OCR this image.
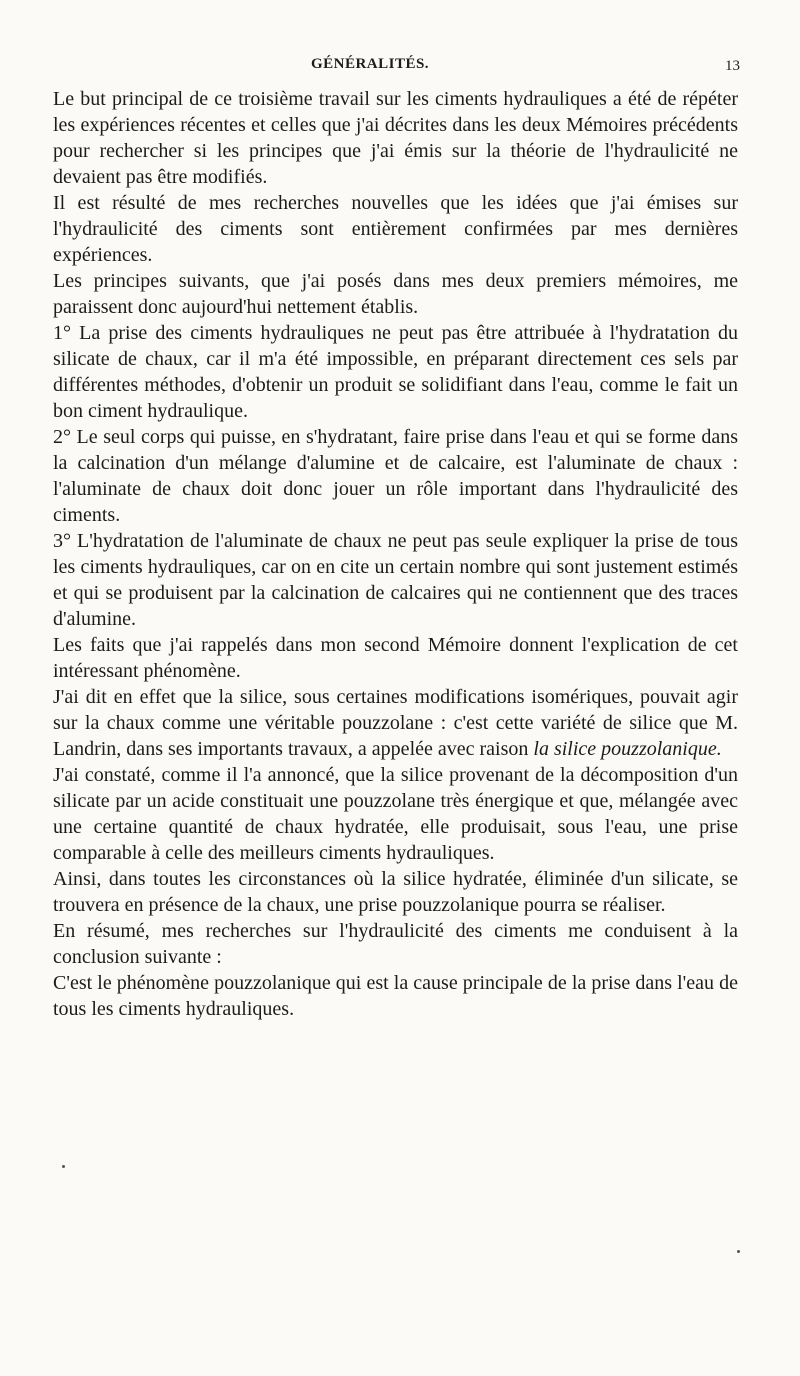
GÉNÉRALITÉS.	13

Le but principal de ce troisième travail sur les ciments hydrauliques a été de répéter les expériences récentes et celles que j'ai décrites dans les deux Mémoires précédents pour rechercher si les principes que j'ai émis sur la théorie de l'hydraulicité ne devaient pas être modifiés.

Il est résulté de mes recherches nouvelles que les idées que j'ai émises sur l'hydraulicité des ciments sont entièrement confirmées par mes dernières expériences.

Les principes suivants, que j'ai posés dans mes deux premiers mémoires, me paraissent donc aujourd'hui nettement établis.

1° La prise des ciments hydrauliques ne peut pas être attribuée à l'hydratation du silicate de chaux, car il m'a été impossible, en préparant directement ces sels par différentes méthodes, d'obtenir un produit se solidifiant dans l'eau, comme le fait un bon ciment hydraulique.

2° Le seul corps qui puisse, en s'hydratant, faire prise dans l'eau et qui se forme dans la calcination d'un mélange d'alumine et de calcaire, est l'aluminate de chaux : l'aluminate de chaux doit donc jouer un rôle important dans l'hydraulicité des ciments.

3° L'hydratation de l'aluminate de chaux ne peut pas seule expliquer la prise de tous les ciments hydrauliques, car on en cite un certain nombre qui sont justement estimés et qui se produisent par la calcination de calcaires qui ne contiennent que des traces d'alumine.

Les faits que j'ai rappelés dans mon second Mémoire donnent l'explication de cet intéressant phénomène.

J'ai dit en effet que la silice, sous certaines modifications isomériques, pouvait agir sur la chaux comme une véritable pouzzolane : c'est cette variété de silice que M. Landrin, dans ses importants travaux, a appelée avec raison la silice pouzzolanique.

J'ai constaté, comme il l'a annoncé, que la silice provenant de la décomposition d'un silicate par un acide constituait une pouzzolane très énergique et que, mélangée avec une certaine quantité de chaux hydratée, elle produisait, sous l'eau, une prise comparable à celle des meilleurs ciments hydrauliques.

Ainsi, dans toutes les circonstances où la silice hydratée, éliminée d'un silicate, se trouvera en présence de la chaux, une prise pouzzolanique pourra se réaliser.

En résumé, mes recherches sur l'hydraulicité des ciments me conduisent à la conclusion suivante :

C'est le phénomène pouzzolanique qui est la cause principale de la prise dans l'eau de tous les ciments hydrauliques.
